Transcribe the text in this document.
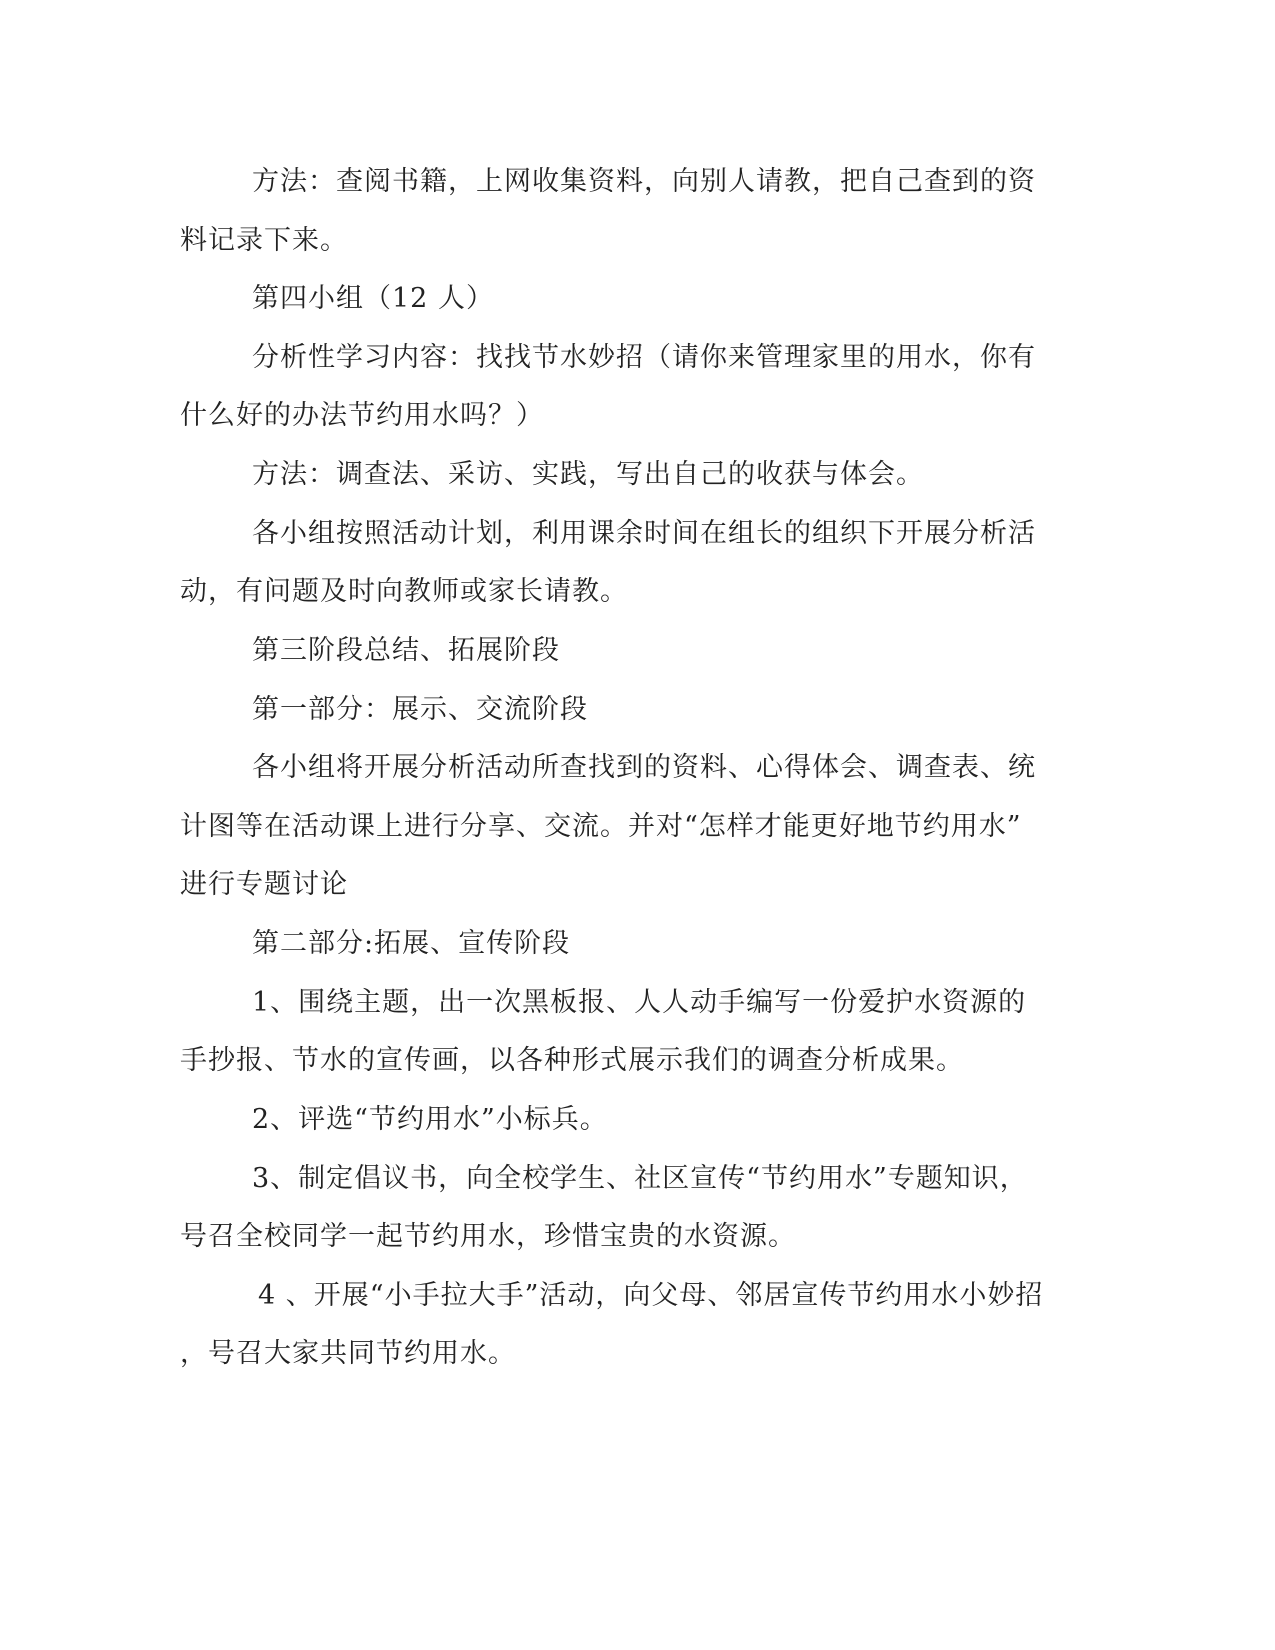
方法：查阅书籍，上网收集资料，向别人请教，把自己查到的资
料记录下来。
第四小组（12 人）
分析性学习内容：找找节水妙招（请你来管理家里的用水，你有
什么好的办法节约用水吗？）
方法：调查法、采访、实践，写出自己的收获与体会。
各小组按照活动计划，利用课余时间在组长的组织下开展分析活
动，有问题及时向教师或家长请教。
第三阶段总结、拓展阶段
第一部分：展示、交流阶段
各小组将开展分析活动所查找到的资料、心得体会、调查表、统
计图等在活动课上进行分享、交流。并对“怎样才能更好地节约用水”
进行专题讨论
第二部分:拓展、宣传阶段
1、围绕主题，出一次黑板报、人人动手编写一份爱护水资源的
手抄报、节水的宣传画，以各种形式展示我们的调查分析成果。
2、评选“节约用水”小标兵。
3、制定倡议书，向全校学生、社区宣传“节约用水”专题知识，
号召全校同学一起节约用水，珍惜宝贵的水资源。
4 、开展“小手拉大手”活动，向父母、邻居宣传节约用水小妙招
，号召大家共同节约用水。
